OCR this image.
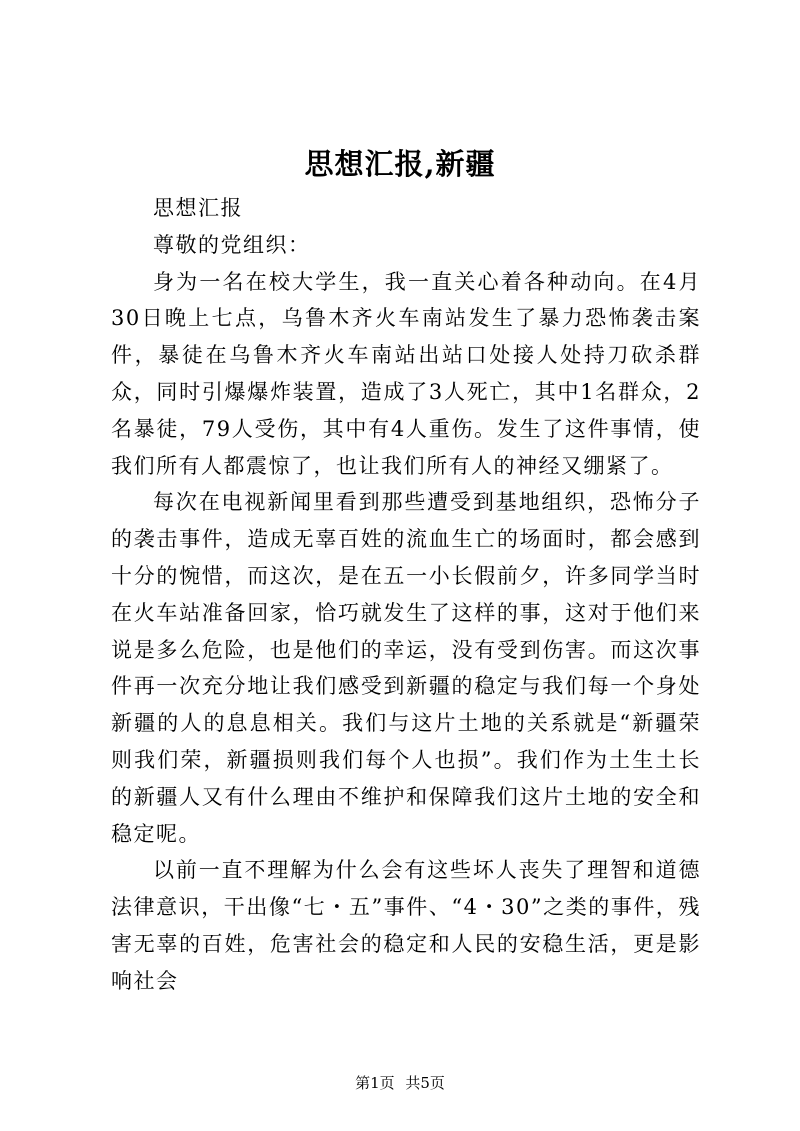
思想汇报,新疆

思想汇报

尊敬的党组织：

身为一名在校大学生，我一直关心着各种动向。在4月30日晚上七点，乌鲁木齐火车南站发生了暴力恐怖袭击案件，暴徒在乌鲁木齐火车南站出站口处接人处持刀砍杀群众，同时引爆爆炸装置，造成了3人死亡，其中1名群众，2名暴徒，79人受伤，其中有4人重伤。发生了这件事情，使我们所有人都震惊了，也让我们所有人的神经又绷紧了。

每次在电视新闻里看到那些遭受到基地组织，恐怖分子的袭击事件，造成无辜百姓的流血生亡的场面时，都会感到十分的惋惜，而这次，是在五一小长假前夕，许多同学当时在火车站准备回家，恰巧就发生了这样的事，这对于他们来说是多么危险，也是他们的幸运，没有受到伤害。而这次事件再一次充分地让我们感受到新疆的稳定与我们每一个身处新疆的人的息息相关。我们与这片土地的关系就是“新疆荣则我们荣，新疆损则我们每个人也损”。我们作为土生土长的新疆人又有什么理由不维护和保障我们这片土地的安全和稳定呢。

以前一直不理解为什么会有这些坏人丧失了理智和道德法律意识，干出像“七・五”事件、“4・30”之类的事件，残害无辜的百姓，危害社会的稳定和人民的安稳生活，更是影响社会

第1页 共5页
